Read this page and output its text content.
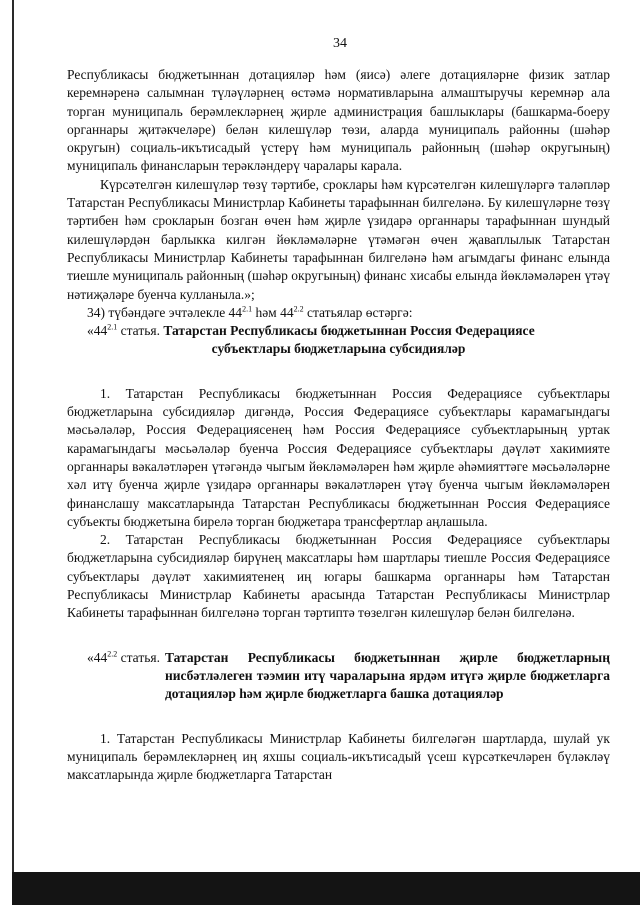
34

Республикасы бюджетыннан дотацияләр һәм (яисә) әлеге дотацияләрне физик затлар керемнәренә салымнан түләүләрнең өстәмә нормативларына алмаштыручы керемнәр ала торган муниципаль берәмлекләрнең җирле администрация башлыклары (башкарма-боеру органнары җитәкчеләре) белән килешүләр төзи, аларда муниципаль районны (шәһәр округын) социаль-икътисадый үстерү һәм муниципаль районның (шәһәр округының) муниципаль финансларын терәкләндерү чаралары карала.

Күрсәтелгән килешүләр төзү тәртибе, сроклары һәм күрсәтелгән килешүләргә таләпләр Татарстан Республикасы Министрлар Кабинеты тарафыннан билгеләнә. Бу килешүләрне төзү тәртибен һәм срокларын бозган өчен һәм җирле үзидарә органнары тарафыннан шундый килешүләрдән барлыкка килгән йөкләмәләрне үтәмәгән өчен җаваплылык Татарстан Республикасы Министрлар Кабинеты тарафыннан билгеләнә һәм агымдагы финанс елында тиешле муниципаль районның (шәһәр округының) финанс хисабы елында йөкләмәләрен үтәү нәтиҗәләре буенча кулланыла.»;

34) түбәндәге эчтәлекле $44^{2.1}$ һәм $44^{2.2}$ статьялар өстәргә:

«$44^{2.1}$ статья. Татарстан Республикасы бюджетыннан Россия Федерациясе

субъектлары бюджетларына субсидияләр

1. Татарстан Республикасы бюджетыннан Россия Федерациясе субъектлары бюджетларына субсидияләр дигәндә, Россия Федерациясе субъектлары карамагындагы мәсьәләләр, Россия Федерациясенең һәм Россия Федерациясе субъектларының уртак карамагындагы мәсьәләләр буенча Россия Федерациясе субъектлары дәүләт хакимияте органнары вәкаләтләрен үтәгәндә чыгым йөкләмәләрен һәм җирле әһәмияттәге мәсьәләләрне хәл итү буенча җирле үзидарә органнары вәкаләтләрен үтәү буенча чыгым йөкләмәләрен финанслашу максатларында Татарстан Республикасы бюджетыннан Россия Федерациясе субъекты бюджетына бирелә торган бюджетара трансфертлар аңлашыла.

2. Татарстан Республикасы бюджетыннан Россия Федерациясе субъектлары бюджетларына субсидияләр бирүнең максатлары һәм шартлары тиешле Россия Федерациясе субъектлары дәүләт хакимиятенең иң югары башкарма органнары һәм Татарстан Республикасы Министрлар Кабинеты арасында Татарстан Республикасы Министрлар Кабинеты тарафыннан билгеләнә торган тәртиптә төзелгән килешүләр белән билгеләнә.

«$44^{2.2}$ статья. Татарстан Республикасы бюджетыннан җирле бюджетларның нисбәтләлеген тәэмин итү чараларына ярдәм итүгә җирле бюджетларга дотацияләр һәм җирле бюджетларга башка дотацияләр

1. Татарстан Республикасы Министрлар Кабинеты билгеләгән шартларда, шулай ук муниципаль берәмлекләрнең иң яхшы социаль-икътисадый үсеш күрсәткечләрен бүләкләү максатларында җирле бюджетларга Татарстан
